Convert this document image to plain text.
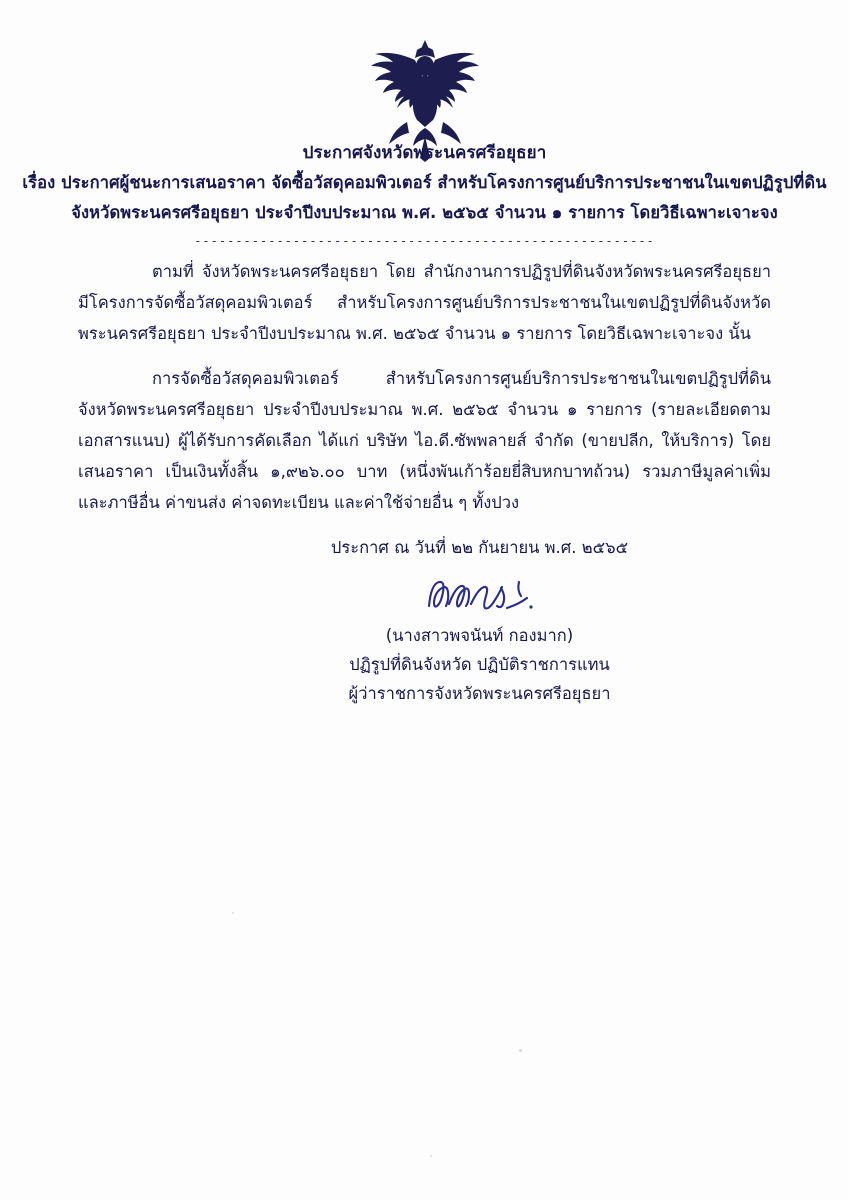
ประกาศจังหวัดพระนครศรีอยุธยา
เรื่อง ประกาศผู้ชนะการเสนอราคา จัดซื้อวัสดุคอมพิวเตอร์ สำหรับโครงการศูนย์บริการประชาชนในเขตปฏิรูปที่ดิน
จังหวัดพระนครศรีอยุธยา ประจำปีงบประมาณ พ.ศ. ๒๕๖๕ จำนวน ๑ รายการ โดยวิธีเฉพาะเจาะจง
--------------------------------------------------------
ตามที่ จังหวัดพระนครศรีอยุธยา โดย สำนักงานการปฏิรูปที่ดินจังหวัดพระนครศรีอยุธยา มีโครงการจัดซื้อวัสดุคอมพิวเตอร์ สำหรับโครงการศูนย์บริการประชาชนในเขตปฏิรูปที่ดินจังหวัดพระนครศรีอยุธยา ประจำปีงบประมาณ พ.ศ. ๒๕๖๕ จำนวน ๑ รายการ โดยวิธีเฉพาะเจาะจง นั้น
การจัดซื้อวัสดุคอมพิวเตอร์ สำหรับโครงการศูนย์บริการประชาชนในเขตปฏิรูปที่ดินจังหวัดพระนครศรีอยุธยา ประจำปีงบประมาณ พ.ศ. ๒๕๖๕ จำนวน ๑ รายการ (รายละเอียดตามเอกสารแนบ) ผู้ได้รับการคัดเลือก ได้แก่ บริษัท ไอ.ดี.ซัพพลายส์ จำกัด (ขายปลีก, ให้บริการ) โดยเสนอราคา เป็นเงินทั้งสิ้น ๑,๙๒๖.๐๐ บาท (หนึ่งพันเก้าร้อยยี่สิบหกบาทถ้วน) รวมภาษีมูลค่าเพิ่ม และภาษีอื่น ค่าขนส่ง ค่าจดทะเบียน และค่าใช้จ่ายอื่น ๆ ทั้งปวง
ประกาศ ณ วันที่ ๒๒ กันยายน พ.ศ. ๒๕๖๕
(นางสาวพจนันท์ กองมาก)
ปฏิรูปที่ดินจังหวัด ปฏิบัติราชการแทน
ผู้ว่าราชการจังหวัดพระนครศรีอยุธยา
